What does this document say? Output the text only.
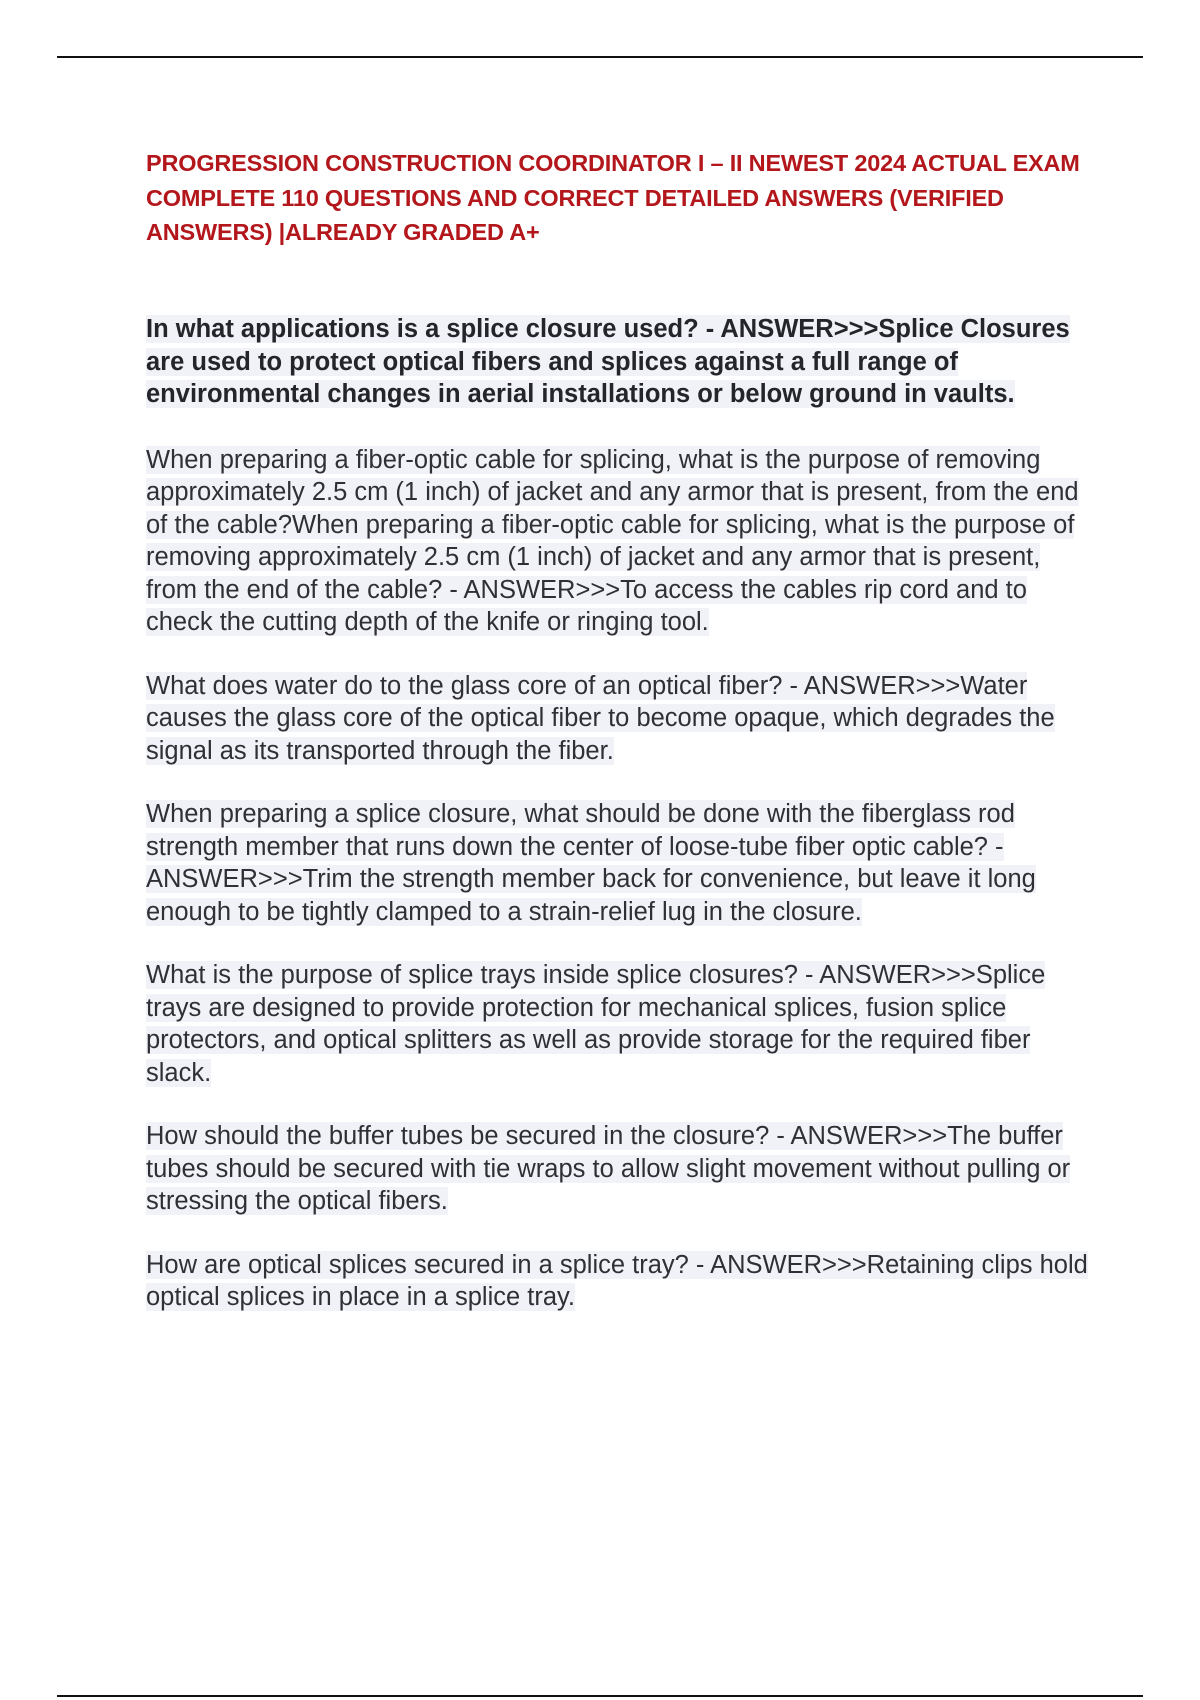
PROGRESSION CONSTRUCTION COORDINATOR I – II NEWEST 2024 ACTUAL EXAM COMPLETE 110 QUESTIONS AND CORRECT DETAILED ANSWERS (VERIFIED ANSWERS) |ALREADY GRADED A+

In what applications is a splice closure used? - ANSWER>>>Splice Closures are used to protect optical fibers and splices against a full range of environmental changes in aerial installations or below ground in vaults.

When preparing a fiber-optic cable for splicing, what is the purpose of removing approximately 2.5 cm (1 inch) of jacket and any armor that is present, from the end of the cable?When preparing a fiber-optic cable for splicing, what is the purpose of removing approximately 2.5 cm (1 inch) of jacket and any armor that is present, from the end of the cable? - ANSWER>>>To access the cables rip cord and to check the cutting depth of the knife or ringing tool.

What does water do to the glass core of an optical fiber? - ANSWER>>>Water causes the glass core of the optical fiber to become opaque, which degrades the signal as its transported through the fiber.

When preparing a splice closure, what should be done with the fiberglass rod strength member that runs down the center of loose-tube fiber optic cable? - ANSWER>>>Trim the strength member back for convenience, but leave it long enough to be tightly clamped to a strain-relief lug in the closure.

What is the purpose of splice trays inside splice closures? - ANSWER>>>Splice trays are designed to provide protection for mechanical splices, fusion splice protectors, and optical splitters as well as provide storage for the required fiber slack.

How should the buffer tubes be secured in the closure? - ANSWER>>>The buffer tubes should be secured with tie wraps to allow slight movement without pulling or stressing the optical fibers.

How are optical splices secured in a splice tray? - ANSWER>>>Retaining clips hold optical splices in place in a splice tray.
